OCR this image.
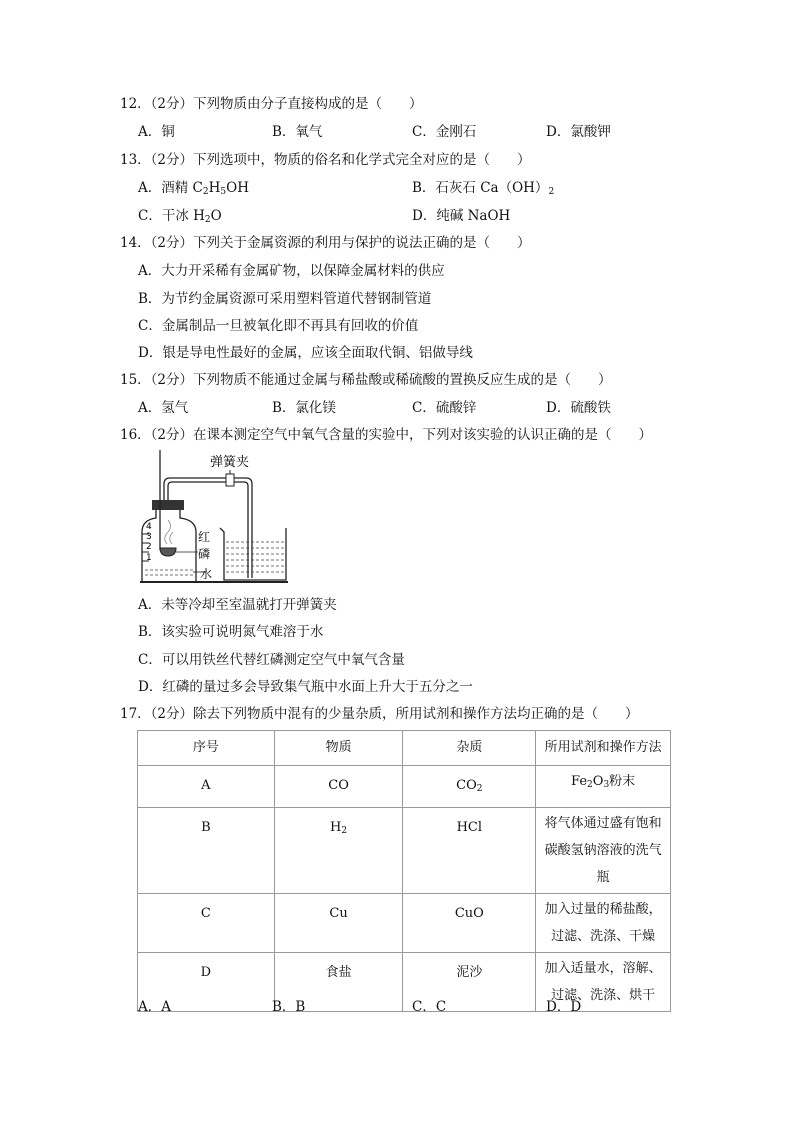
12．（2分）下列物质由分子直接构成的是（　　）
A．铜	B．氧气	C．金刚石	D．氯酸钾
13．（2分）下列选项中，物质的俗名和化学式完全对应的是（　　）
A．酒精 $C_2H_5OH$	B．石灰石 $Ca(OH)_2$
C．干冰 $H_2O$	D．纯碱 NaOH
14．（2分）下列关于金属资源的利用与保护的说法正确的是（　　）
A．大力开采稀有金属矿物，以保障金属材料的供应
B．为节约金属资源可采用塑料管道代替钢制管道
C．金属制品一旦被氧化即不再具有回收的价值
D．银是导电性最好的金属，应该全面取代铜、铝做导线
15．（2分）下列物质不能通过金属与稀盐酸或稀硫酸的置换反应生成的是（　　）
A．氢气	B．氯化镁	C．硫酸锌	D．硫酸铁
16．（2分）在课本测定空气中氧气含量的实验中，下列对该实验的认识正确的是（　　）
弹簧夹
红
磷
水
4
3
2
1
A．未等冷却至室温就打开弹簧夹
B．该实验可说明氮气难溶于水
C．可以用铁丝代替红磷测定空气中氧气含量
D．红磷的量过多会导致集气瓶中水面上升大于五分之一
17．（2分）除去下列物质中混有的少量杂质，所用试剂和操作方法均正确的是（　　）
序号	物质	杂质	所用试剂和操作方法
A	CO	$CO_2$	$Fe_2O_3$粉末
B	$H_2$	HCl	将气体通过盛有饱和
碳酸氢钠溶液的洗气
瓶

C	Cu	CuO	加入过量的稀盐酸，
过滤、洗涤、干燥

D	食盐	泥沙	加入适量水，溶解、
过滤、洗涤、烘干
A．A	B．B	C．C	D．D
